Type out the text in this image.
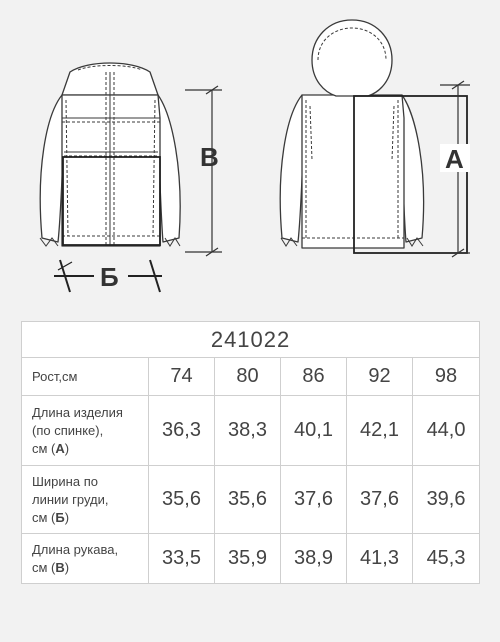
В
Б
А
241022					
Рост,см	74	80	86	92	98

Длина изделия
(по спинке),
см (А)	36,3	38,3	40,1	42,1	44,0

Ширина по
линии груди,
см (Б)	35,6	35,6	37,6	37,6	39,6

Длина рукава,
см (В)	33,5	35,9	38,9	41,3	45,3
